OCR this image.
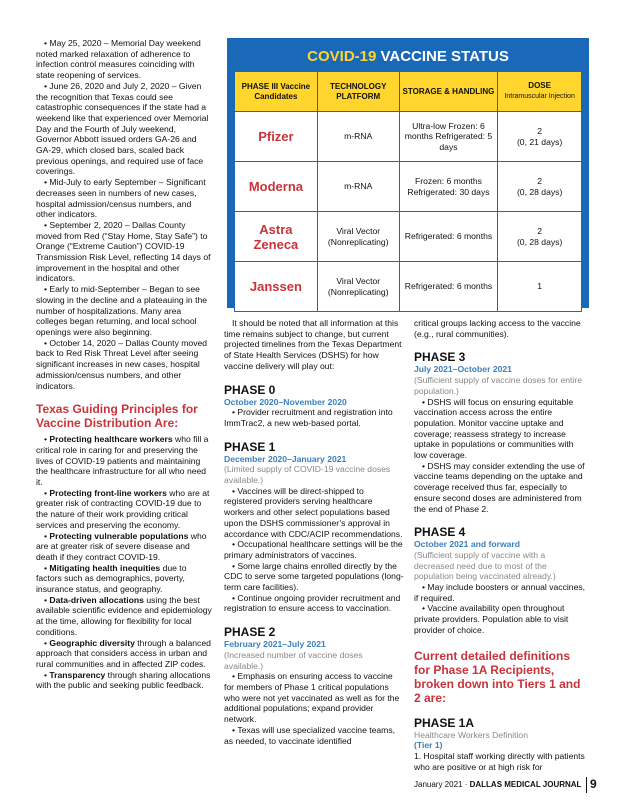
• May 25, 2020 – Memorial Day weekend noted marked relaxation of adherence to infection control measures coinciding with state reopening of services.

• June 26, 2020 and July 2, 2020 – Given the recognition that Texas could see catastrophic consequences if the state had a weekend like that experienced over Memorial Day and the Fourth of July weekend, Governor Abbott issued orders GA-26 and GA-29, which closed bars, scaled back previous openings, and required use of face coverings.

• Mid-July to early September – Significant decreases seen in numbers of new cases, hospital admission/census numbers, and other indicators.

• September 2, 2020 – Dallas County moved from Red (“Stay Home, Stay Safe”) to Orange (“Extreme Caution”) COVID-19 Transmission Risk Level, reflecting 14 days of improvement in the hospital and other indicators.

• Early to mid-September – Began to see slowing in the decline and a plateauing in the number of hospitalizations. Many area colleges began returning, and local school openings were also beginning.

• October 14, 2020 – Dallas County moved back to Red Risk Threat Level after seeing significant increases in new cases, hospital admission/census numbers, and other indicators.

Texas Guiding Principles for Vaccine Distribution Are:

• Protecting healthcare workers who fill a critical role in caring for and preserving the lives of COVID-19 patients and maintaining the healthcare infrastructure for all who need it.

• Protecting front-line workers who are at greater risk of contracting COVID-19 due to the nature of their work providing critical services and preserving the economy.

• Protecting vulnerable populations who are at greater risk of severe disease and death if they contract COVID-19.

• Mitigating health inequities due to factors such as demographics, poverty, insurance status, and geography.

• Data-driven allocations using the best available scientific evidence and epidemiology at the time, allowing for flexibility for local conditions.

• Geographic diversity through a balanced approach that considers access in urban and rural communities and in affected ZIP codes.

• Transparency through sharing allocations with the public and seeking public feedback.

COVID-19 VACCINE STATUS
PHASE III Vaccine Candidates	TECHNOLOGY PLATFORM	STORAGE & HANDLING	DOSE
Intramuscular Injection
Pfizer	m-RNA	Ultra-low Frozen: 6 months Refrigerated: 5 days	2
(0, 21 days)
Moderna	m-RNA	Frozen: 6 months Refrigerated: 30 days	2
(0, 28 days)
Astra Zeneca	Viral Vector (Nonreplicating)	Refrigerated: 6 months	2
(0, 28 days)
Janssen	Viral Vector (Nonreplicating)	Refrigerated: 6 months	1

It should be noted that all information at this time remains subject to change, but current projected timelines from the Texas Department of State Health Services (DSHS) for how vaccine delivery will play out:

PHASE 0

October 2020–November 2020

• Provider recruitment and registration into ImmTrac2, a new web-based portal.

PHASE 1

December 2020–January 2021

(Limited supply of COVID-19 vaccine doses available.)

• Vaccines will be direct-shipped to registered providers serving healthcare workers and other select populations based upon the DSHS commissioner’s approval in accordance with CDC/ACIP recommendations.

• Occupational healthcare settings will be the primary administrators of vaccines.

• Some large chains enrolled directly by the CDC to serve some targeted populations (long-term care facilities).

• Continue ongoing provider recruitment and registration to ensure access to vaccination.

PHASE 2

February 2021–July 2021

(Increased number of vaccine doses available.)

• Emphasis on ensuring access to vaccine for members of Phase 1 critical populations who were not yet vaccinated as well as for the additional populations; expand provider network.

• Texas will use specialized vaccine teams, as needed, to vaccinate identified

critical groups lacking access to the vaccine (e.g., rural communities).

PHASE 3

July 2021–October 2021

(Sufficient supply of vaccine doses for entire population.)

• DSHS will focus on ensuring equitable vaccination access across the entire population. Monitor vaccine uptake and coverage; reassess strategy to increase uptake in populations or communities with low coverage.

• DSHS may consider extending the use of vaccine teams depending on the uptake and coverage received thus far, especially to ensure second doses are administered from the end of Phase 2.

PHASE 4

October 2021 and forward

(Sufficient supply of vaccine with a decreased need due to most of the population being vaccinated already.)

• May include boosters or annual vaccines, if required.

• Vaccine availability open throughout private providers. Population able to visit provider of choice.

Current detailed definitions for Phase 1A Recipients, broken down into Tiers 1 and 2 are:

PHASE 1A

Healthcare Workers Definition

(Tier 1)

1. Hospital staff working directly with patients who are positive or at high risk for

January 2021 · DALLAS MEDICAL JOURNAL 9
